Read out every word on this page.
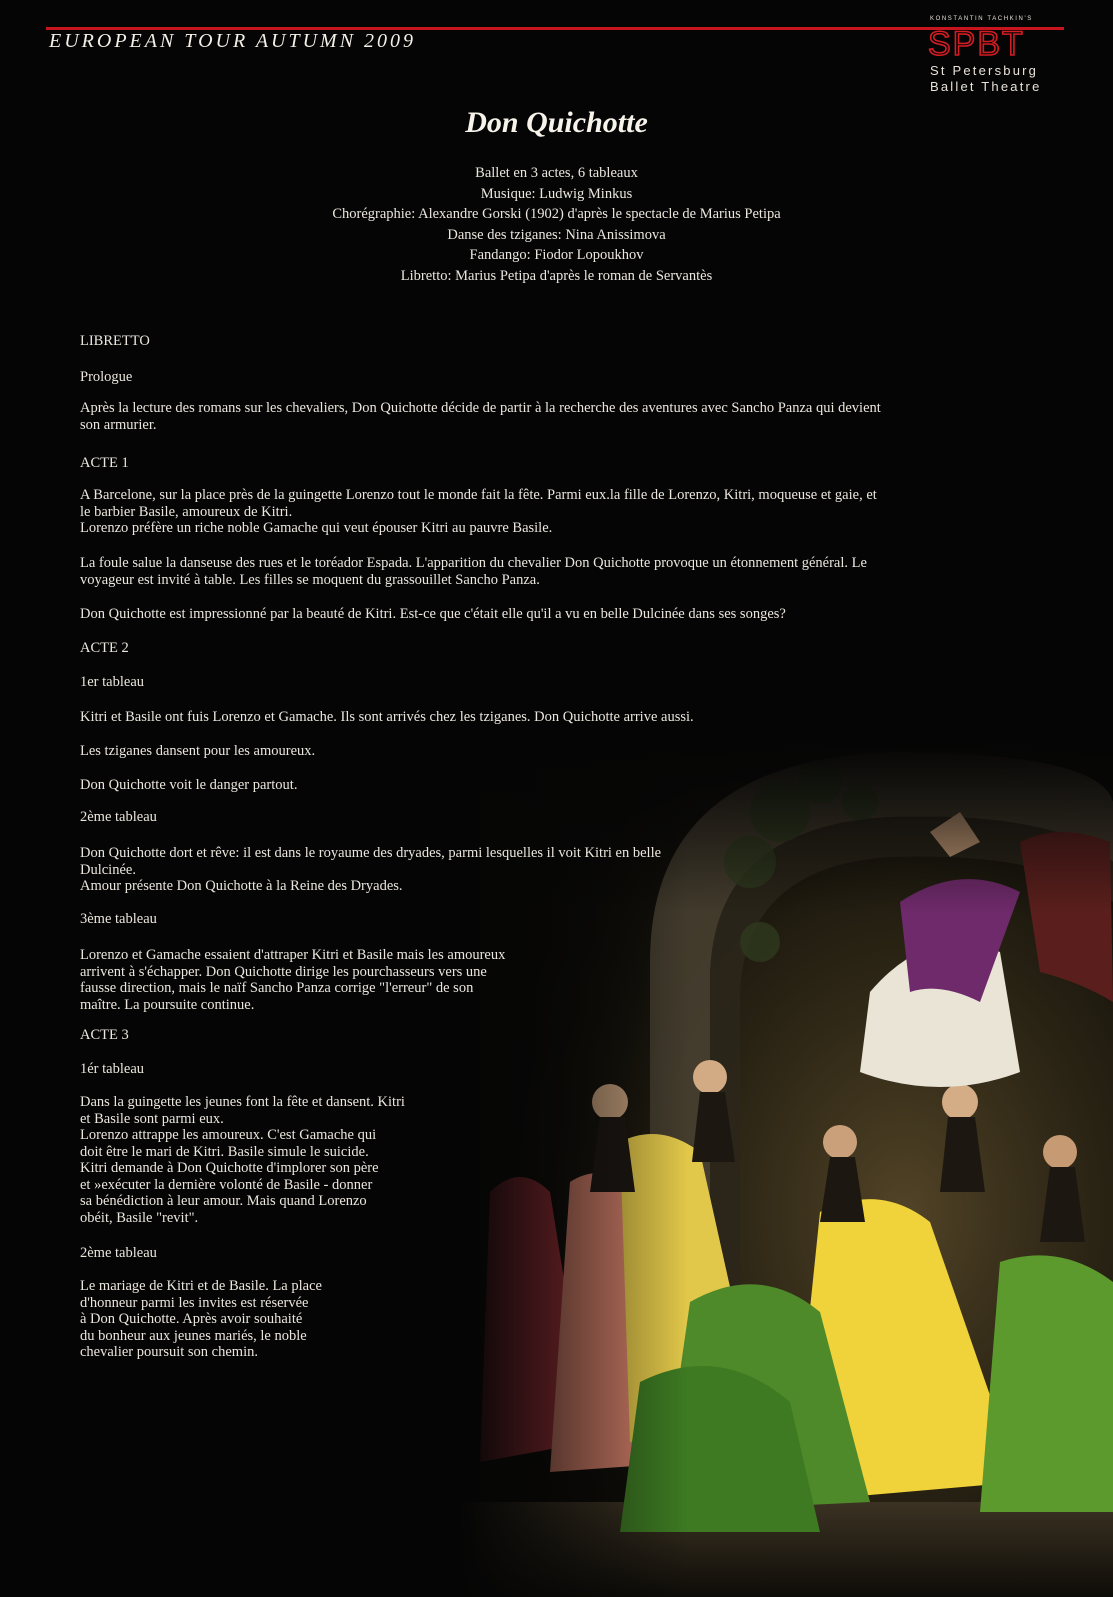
EUROPEAN TOUR AUTUMN 2009
KONSTANTIN TACHKIN'S
SPBT
St Petersburg
Ballet Theatre
Don Quichotte
Ballet en 3 actes, 6 tableaux
Musique: Ludwig Minkus
Chorégraphie: Alexandre Gorski (1902) d'après le spectacle de Marius Petipa
Danse des tziganes: Nina Anissimova
Fandango: Fiodor Lopoukhov
Libretto: Marius Petipa d'après le roman de Servantès
LIBRETTO
Prologue

Après la lecture des romans sur les chevaliers, Don Quichotte décide de partir à la recherche des aventures avec Sancho Panza qui devient

son armurier.

ACTE 1

A Barcelone, sur la place près de la guingette Lorenzo tout le monde fait la fête. Parmi eux.la fille de Lorenzo, Kitri, moqueuse et gaie, et

le barbier Basile, amoureux de Kitri.

Lorenzo préfère un riche noble Gamache qui veut épouser Kitri au pauvre Basile.

La foule salue la danseuse des rues et le toréador Espada. L'apparition du chevalier Don Quichotte provoque un étonnement général. Le

voyageur est invité à table. Les filles se moquent du grassouillet Sancho Panza.

Don Quichotte est impressionné par la beauté de Kitri. Est-ce que c'était elle qu'il a vu en belle Dulcinée dans ses songes?

ACTE 2
1er tableau

Kitri et Basile ont fuis Lorenzo et Gamache. Ils sont arrivés chez les tziganes. Don Quichotte arrive aussi.

Les tziganes dansent pour les amoureux.

Don Quichotte voit le danger partout.

2ème tableau

Don Quichotte dort et rêve: il est dans le royaume des dryades, parmi lesquelles il voit Kitri en belle

Dulcinée.

Amour présente Don Quichotte à la Reine des Dryades.

3ème tableau

Lorenzo et Gamache essaient d'attraper Kitri et Basile mais les amoureux

arrivent à s'échapper. Don Quichotte dirige les pourchasseurs vers une

fausse direction, mais le naïf Sancho Panza corrige "l'erreur" de son

maître. La poursuite continue.

ACTE 3
1ér tableau

Dans la guingette les jeunes font la fête et dansent. Kitri

et Basile sont parmi eux.

Lorenzo attrappe les amoureux. C'est Gamache qui

doit être le mari de Kitri. Basile simule le suicide.

Kitri demande à Don Quichotte d'implorer son père

et »exécuter la dernière volonté de Basile - donner

sa bénédiction à leur amour. Mais quand Lorenzo

obéit, Basile "revit".

2ème tableau

Le mariage de Kitri et de Basile. La place

d'honneur parmi les invites est réservée

à Don Quichotte. Après avoir souhaité

du bonheur aux jeunes mariés, le noble

chevalier poursuit son chemin.
